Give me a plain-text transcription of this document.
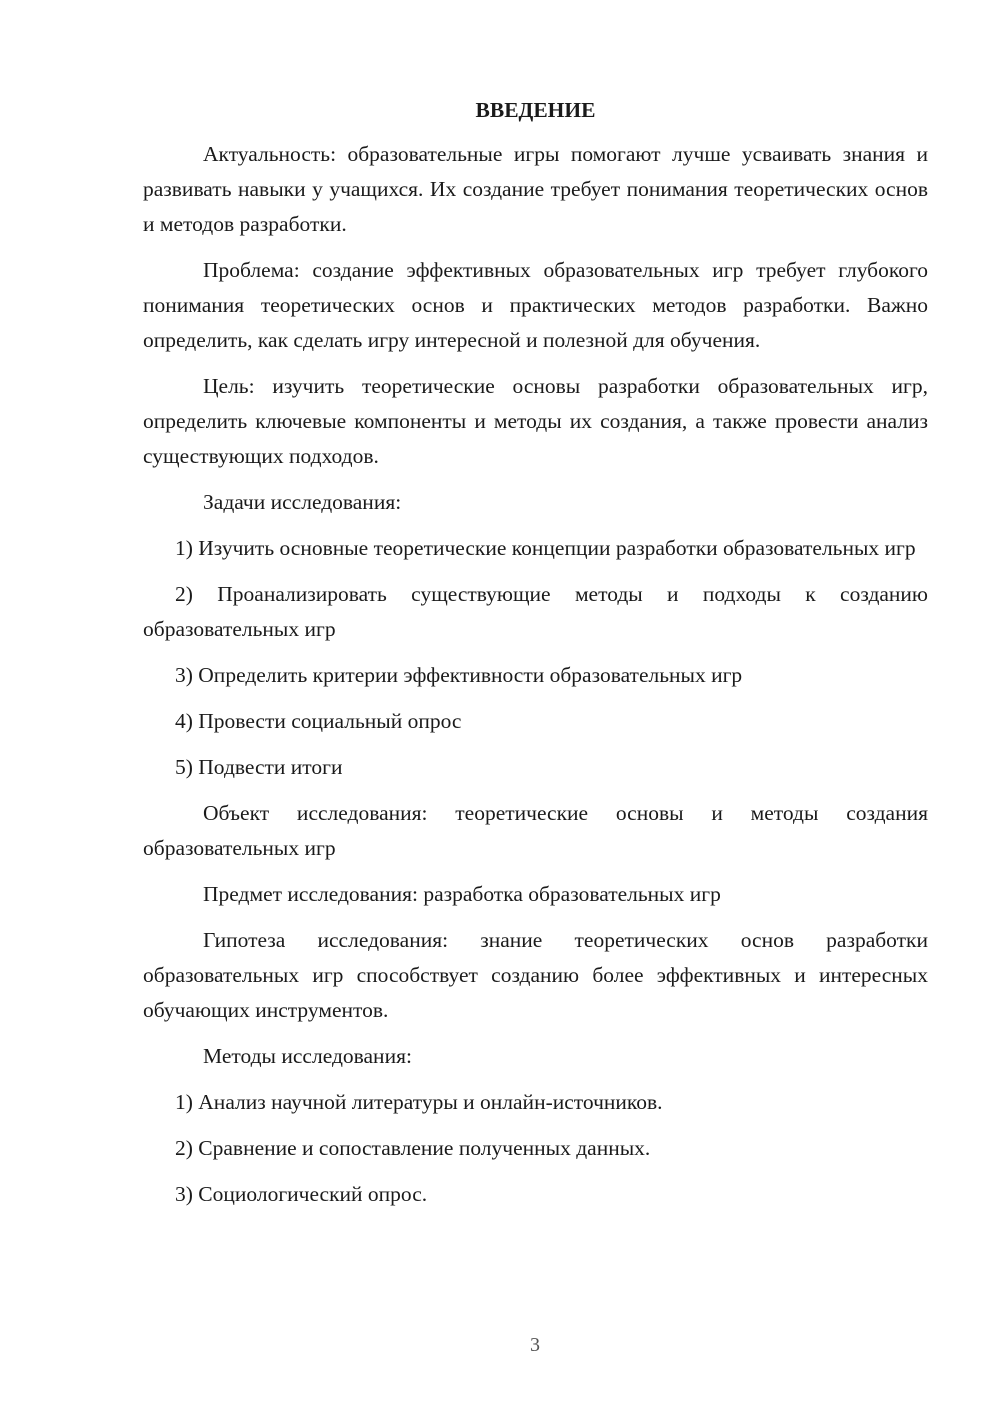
ВВЕДЕНИЕ

Актуальность: образовательные игры помогают лучше усваивать знания и развивать навыки у учащихся. Их создание требует понимания теоретических основ и методов разработки.

Проблема: создание эффективных образовательных игр требует глубокого понимания теоретических основ и практических методов разработки. Важно определить, как сделать игру интересной и полезной для обучения.

Цель: изучить теоретические основы разработки образовательных игр, определить ключевые компоненты и методы их создания, а также провести анализ существующих подходов.

Задачи исследования:

1) Изучить основные теоретические концепции разработки образовательных игр

2) Проанализировать существующие методы и подходы к созданию образовательных игр

3) Определить критерии эффективности образовательных игр

4) Провести социальный опрос

5) Подвести итоги

Объект исследования: теоретические основы и методы создания образовательных игр

Предмет исследования: разработка образовательных игр

Гипотеза исследования: знание теоретических основ разработки образовательных игр способствует созданию более эффективных и интересных обучающих инструментов.

Методы исследования:

1) Анализ научной литературы и онлайн-источников.

2) Сравнение и сопоставление полученных данных.

3) Социологический опрос.

3
